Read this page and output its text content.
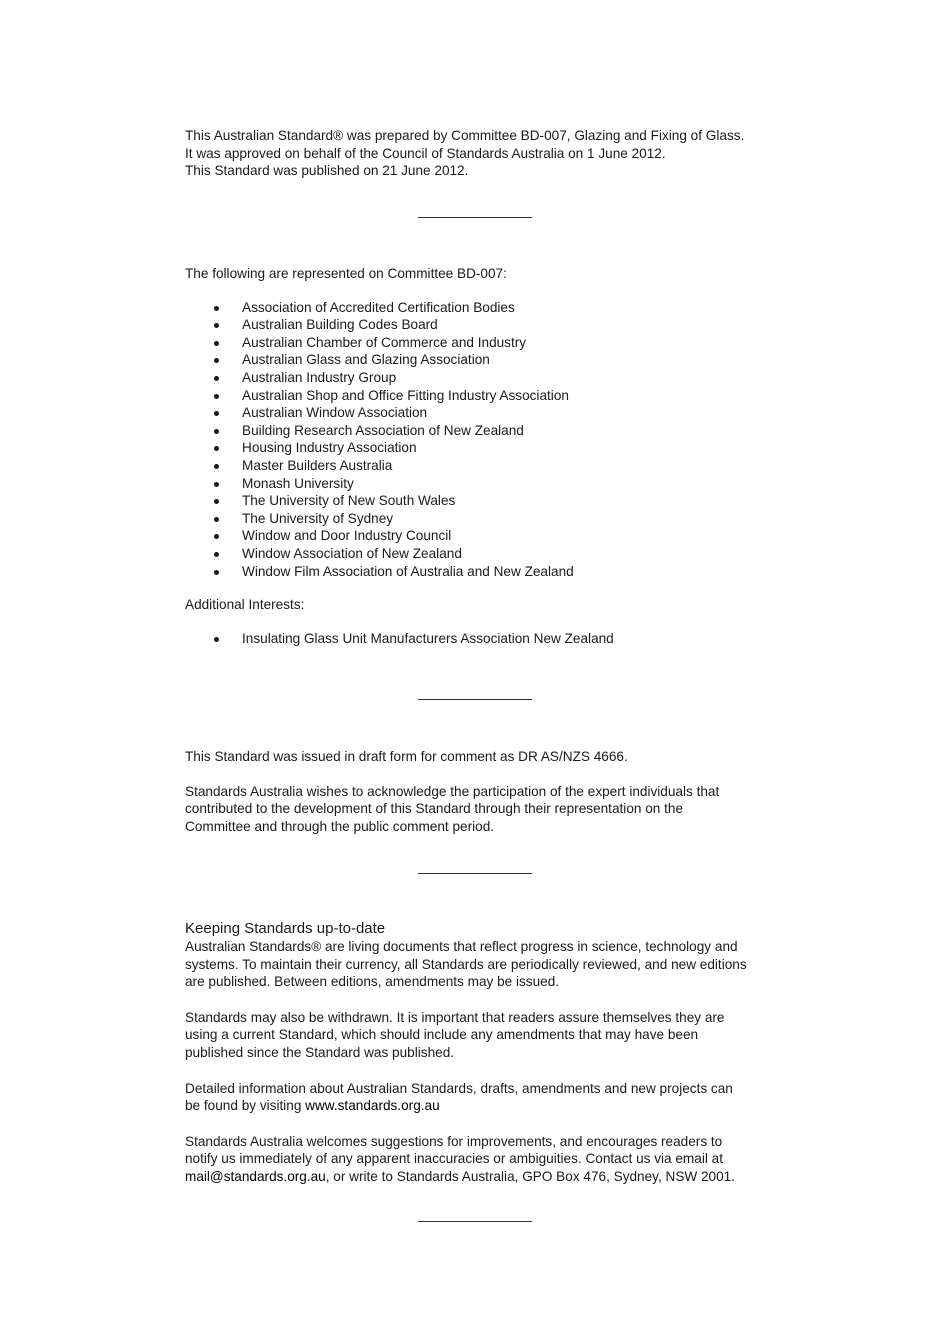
This Australian Standard® was prepared by Committee BD-007, Glazing and Fixing of Glass.
It was approved on behalf of the Council of Standards Australia on 1 June 2012.
This Standard was published on 21 June 2012.
The following are represented on Committee BD-007:
Association of Accredited Certification Bodies
Australian Building Codes Board
Australian Chamber of Commerce and Industry
Australian Glass and Glazing Association
Australian Industry Group
Australian Shop and Office Fitting Industry Association
Australian Window Association
Building Research Association of New Zealand
Housing Industry Association
Master Builders Australia
Monash University
The University of New South Wales
The University of Sydney
Window and Door Industry Council
Window Association of New Zealand
Window Film Association of Australia and New Zealand
Additional Interests:
Insulating Glass Unit Manufacturers Association New Zealand
This Standard was issued in draft form for comment as DR AS/NZS 4666.
Standards Australia wishes to acknowledge the participation of the expert individuals that
contributed to the development of this Standard through their representation on the
Committee and through the public comment period.
Keeping Standards up-to-date
Australian Standards® are living documents that reflect progress in science, technology and
systems. To maintain their currency, all Standards are periodically reviewed, and new editions
are published. Between editions, amendments may be issued.
Standards may also be withdrawn. It is important that readers assure themselves they are
using a current Standard, which should include any amendments that may have been
published since the Standard was published.
Detailed information about Australian Standards, drafts, amendments and new projects can
be found by visiting www.standards.org.au
Standards Australia welcomes suggestions for improvements, and encourages readers to
notify us immediately of any apparent inaccuracies or ambiguities. Contact us via email at
mail@standards.org.au, or write to Standards Australia, GPO Box 476, Sydney, NSW 2001.
